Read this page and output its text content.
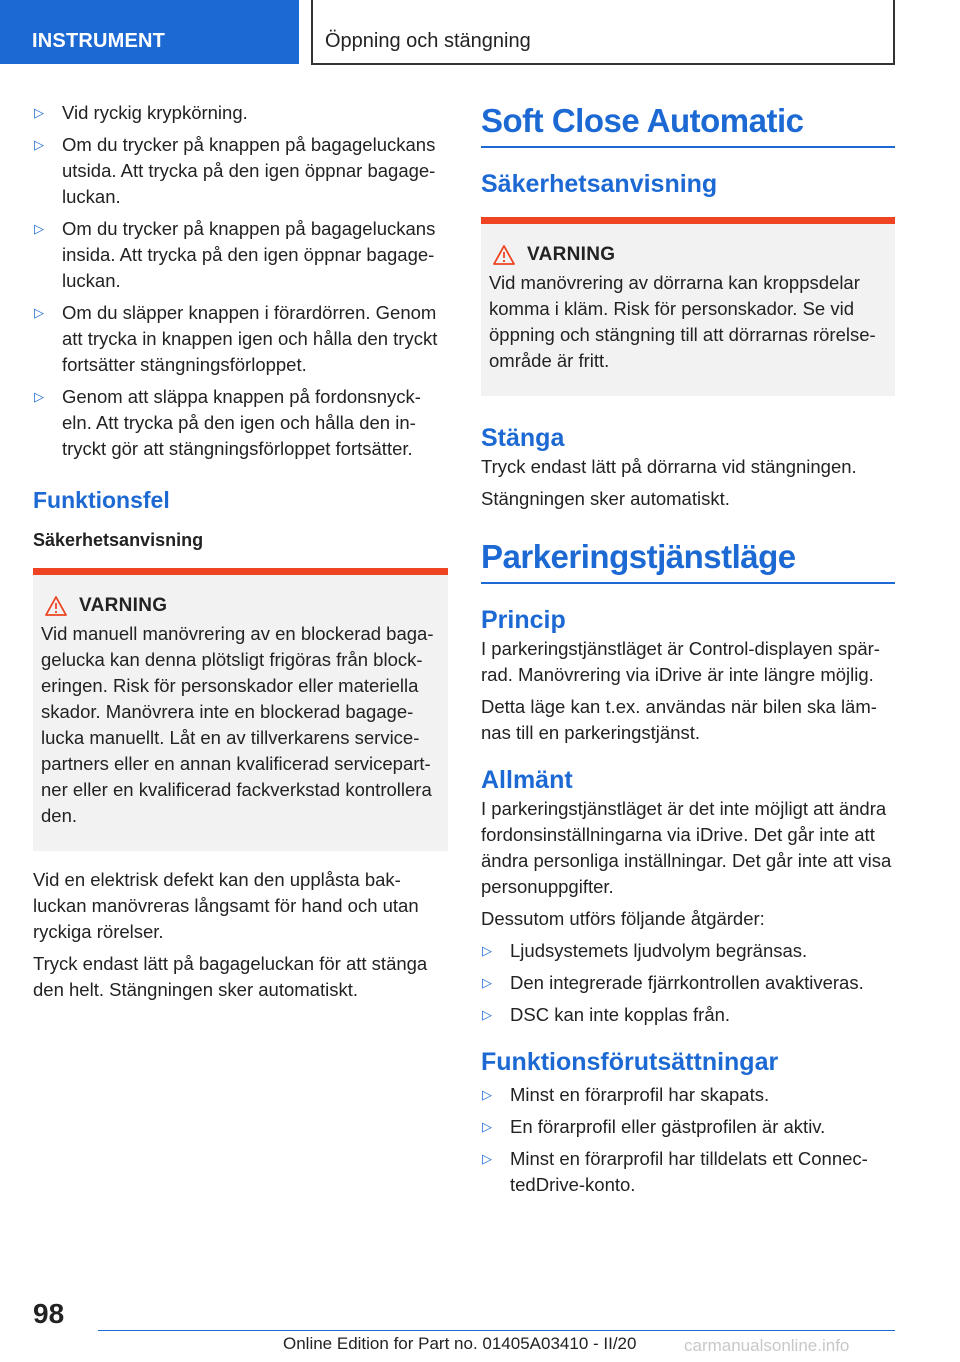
INSTRUMENT	Öppning och stängning
▷ Vid ryckig krypkörning.
▷ Om du trycker på knappen på bagageluckans utsida. Att trycka på den igen öppnar bagage- luckan.
▷ Om du trycker på knappen på bagageluckans insida. Att trycka på den igen öppnar bagage- luckan.
▷ Om du släpper knappen i förardörren. Genom att trycka in knappen igen och hålla den tryckt fortsätter stängningsförloppet.
▷ Genom att släppa knappen på fordonsnyck- eln. Att trycka på den igen och hålla den in- tryckt gör att stängningsförloppet fortsätter.
Funktionsfel
Säkerhetsanvisning
VARNING
Vid manuell manövrering av en blockerad baga- gelucka kan denna plötsligt frigöras från block- eringen. Risk för personskador eller materiella skador. Manövrera inte en blockerad bagage- lucka manuellt. Låt en av tillverkarens service- partners eller en annan kvalificerad servicepart- ner eller en kvalificerad fackverkstad kontrollera den.

Vid en elektrisk defekt kan den upplåsta bak- luckan manövreras långsamt för hand och utan ryckiga rörelser.

Tryck endast lätt på bagageluckan för att stänga den helt. Stängningen sker automatiskt.

Soft Close Automatic
Säkerhetsanvisning
VARNING
Vid manövrering av dörrarna kan kroppsdelar komma i kläm. Risk för personskador. Se vid öppning och stängning till att dörrarnas rörelse- område är fritt.
Stänga

Tryck endast lätt på dörrarna vid stängningen.

Stängningen sker automatiskt.

Parkeringstjänstläge
Princip

I parkeringstjänstläget är Control-displayen spär- rad. Manövrering via iDrive är inte längre möjlig.

Detta läge kan t.ex. användas när bilen ska läm- nas till en parkeringstjänst.

Allmänt

I parkeringstjänstläget är det inte möjligt att ändra fordonsinställningarna via iDrive. Det går inte att ändra personliga inställningar. Det går inte att visa personuppgifter.

Dessutom utförs följande åtgärder:

▷ Ljudsystemets ljudvolym begränsas.
▷ Den integrerade fjärrkontrollen avaktiveras.
▷ DSC kan inte kopplas från.
Funktionsförutsättningar
▷ Minst en förarprofil har skapats.
▷ En förarprofil eller gästprofilen är aktiv.
▷ Minst en förarprofil har tilldelats ett Connec- tedDrive-konto.
98
Online Edition for Part no. 01405A03410 - II/20	carmanualsonline.info
